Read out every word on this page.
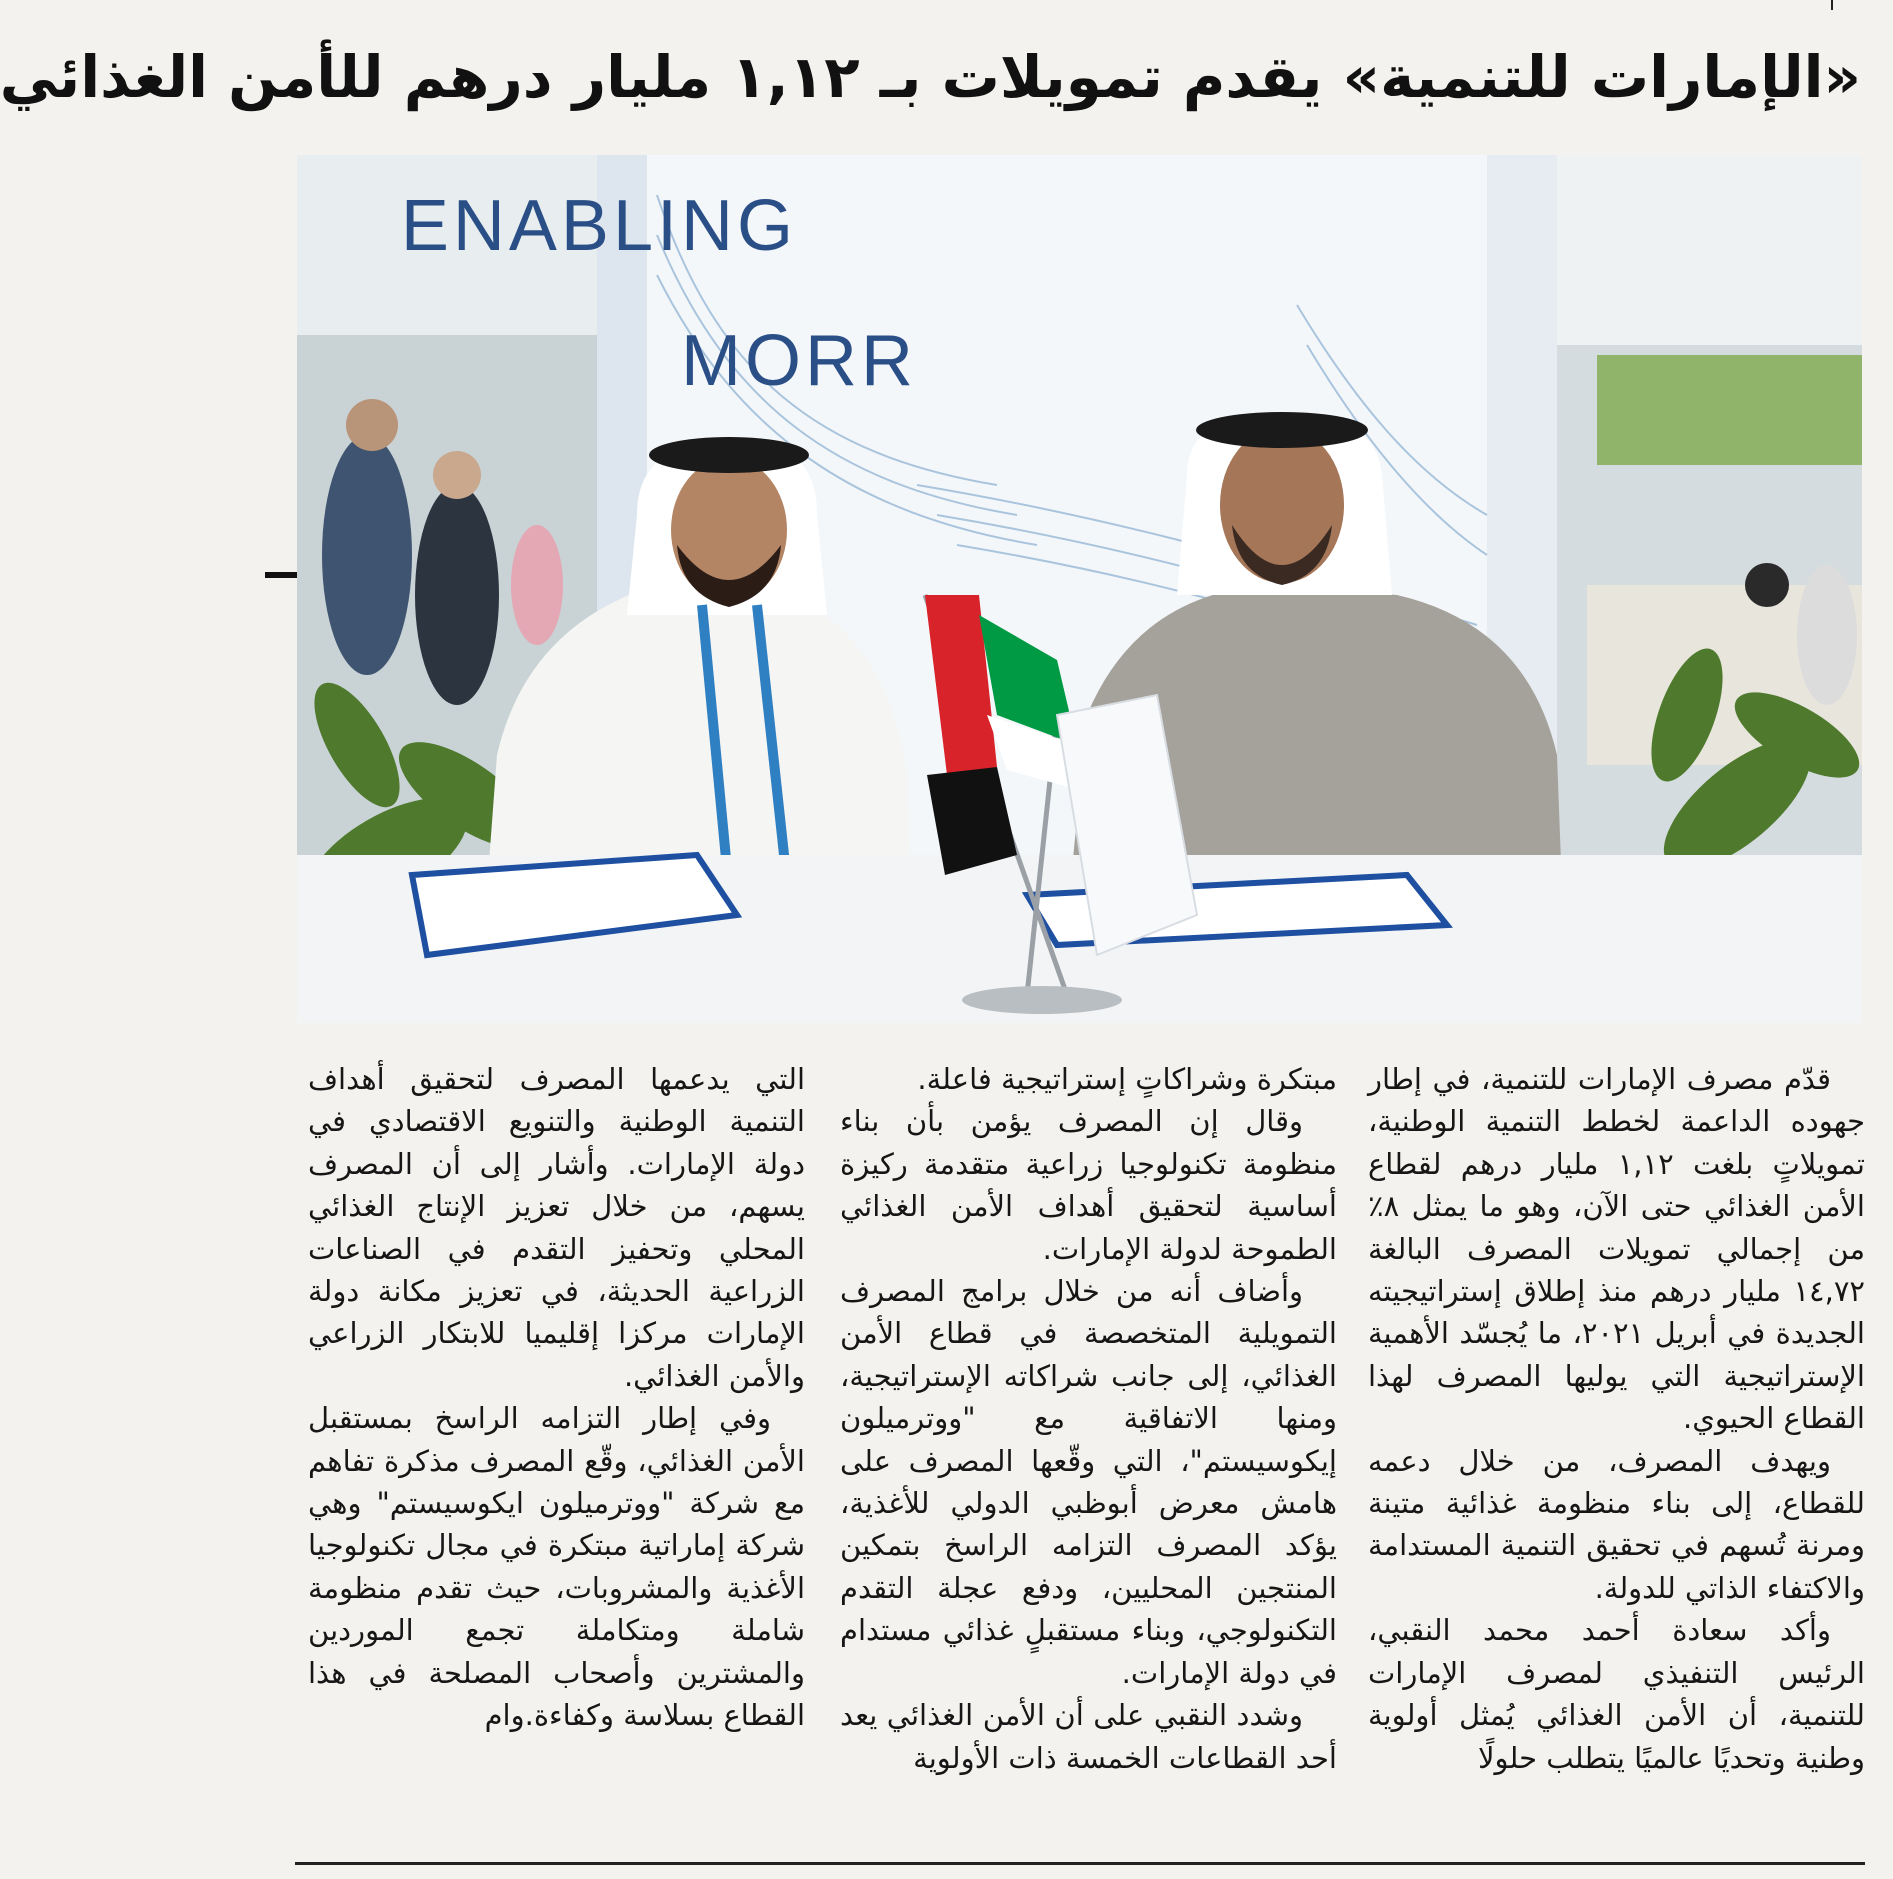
«الإمارات للتنمية» يقدم تمويلات بـ ١,١٢ مليار درهم للأمن الغذائي
ENABLING
MORR

قدّم مصرف الإمارات للتنمية، في إطار جهوده الداعمة لخطط التنمية الوطنية، تمويلاتٍ بلغت ١,١٢ مليار درهم لقطاع الأمن الغذائي حتى الآن، وهو ما يمثل ٨٪ من إجمالي تمويلات المصرف البالغة ١٤,٧٢ مليار درهم منذ إطلاق إستراتيجيته الجديدة في أبريل ٢٠٢١، ما يُجسّد الأهمية الإستراتيجية التي يوليها المصرف لهذا القطاع الحيوي.

ويهدف المصرف، من خلال دعمه للقطاع، إلى بناء منظومة غذائية متينة ومرنة تُسهم في تحقيق التنمية المستدامة والاكتفاء الذاتي للدولة.

وأكد سعادة أحمد محمد النقبي، الرئيس التنفيذي لمصرف الإمارات للتنمية، أن الأمن الغذائي يُمثل أولوية وطنية وتحديًا عالميًا يتطلب حلولًا

مبتكرة وشراكاتٍ إستراتيجية فاعلة.

وقال إن المصرف يؤمن بأن بناء منظومة تكنولوجيا زراعية متقدمة ركيزة أساسية لتحقيق أهداف الأمن الغذائي الطموحة لدولة الإمارات.

وأضاف أنه من خلال برامج المصرف التمويلية المتخصصة في قطاع الأمن الغذائي، إلى جانب شراكاته الإستراتيجية، ومنها الاتفاقية مع "ووترميلون إيكوسيستم"، التي وقّعها المصرف على هامش معرض أبوظبي الدولي للأغذية، يؤكد المصرف التزامه الراسخ بتمكين المنتجين المحليين، ودفع عجلة التقدم التكنولوجي، وبناء مستقبلٍ غذائي مستدام في دولة الإمارات.

وشدد النقبي على أن الأمن الغذائي يعد أحد القطاعات الخمسة ذات الأولوية

التي يدعمها المصرف لتحقيق أهداف التنمية الوطنية والتنويع الاقتصادي في دولة الإمارات. وأشار إلى أن المصرف يسهم، من خلال تعزيز الإنتاج الغذائي المحلي وتحفيز التقدم في الصناعات الزراعية الحديثة، في تعزيز مكانة دولة الإمارات مركزا إقليميا للابتكار الزراعي والأمن الغذائي.

وفي إطار التزامه الراسخ بمستقبل الأمن الغذائي، وقّع المصرف مذكرة تفاهم مع شركة "ووترميلون ايكوسيستم" وهي شركة إماراتية مبتكرة في مجال تكنولوجيا الأغذية والمشروبات، حيث تقدم منظومة شاملة ومتكاملة تجمع الموردين والمشترين وأصحاب المصلحة في هذا القطاع بسلاسة وكفاءة.وام
